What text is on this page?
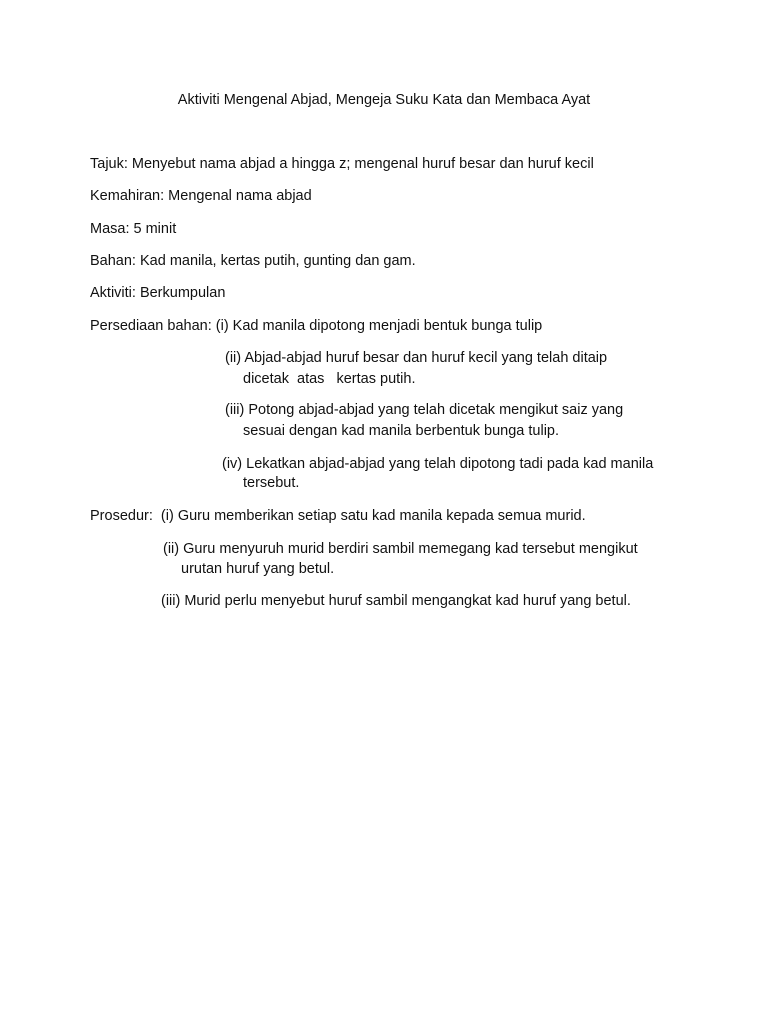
Aktiviti Mengenal Abjad, Mengeja Suku Kata dan Membaca Ayat
Tajuk: Menyebut nama abjad a hingga z; mengenal huruf besar dan huruf kecil
Kemahiran: Mengenal nama abjad
Masa: 5 minit
Bahan: Kad manila, kertas putih, gunting dan gam.
Aktiviti: Berkumpulan
Persediaan bahan: (i) Kad manila dipotong menjadi bentuk bunga tulip
(ii) Abjad-abjad huruf besar dan huruf kecil yang telah ditaip
dicetak  atas   kertas putih.
(iii) Potong abjad-abjad yang telah dicetak mengikut saiz yang
sesuai dengan kad manila berbentuk bunga tulip.
(iv) Lekatkan abjad-abjad yang telah dipotong tadi pada kad manila
tersebut.
Prosedur:  (i) Guru memberikan setiap satu kad manila kepada semua murid.
(ii) Guru menyuruh murid berdiri sambil memegang kad tersebut mengikut
urutan huruf yang betul.
(iii) Murid perlu menyebut huruf sambil mengangkat kad huruf yang betul.
